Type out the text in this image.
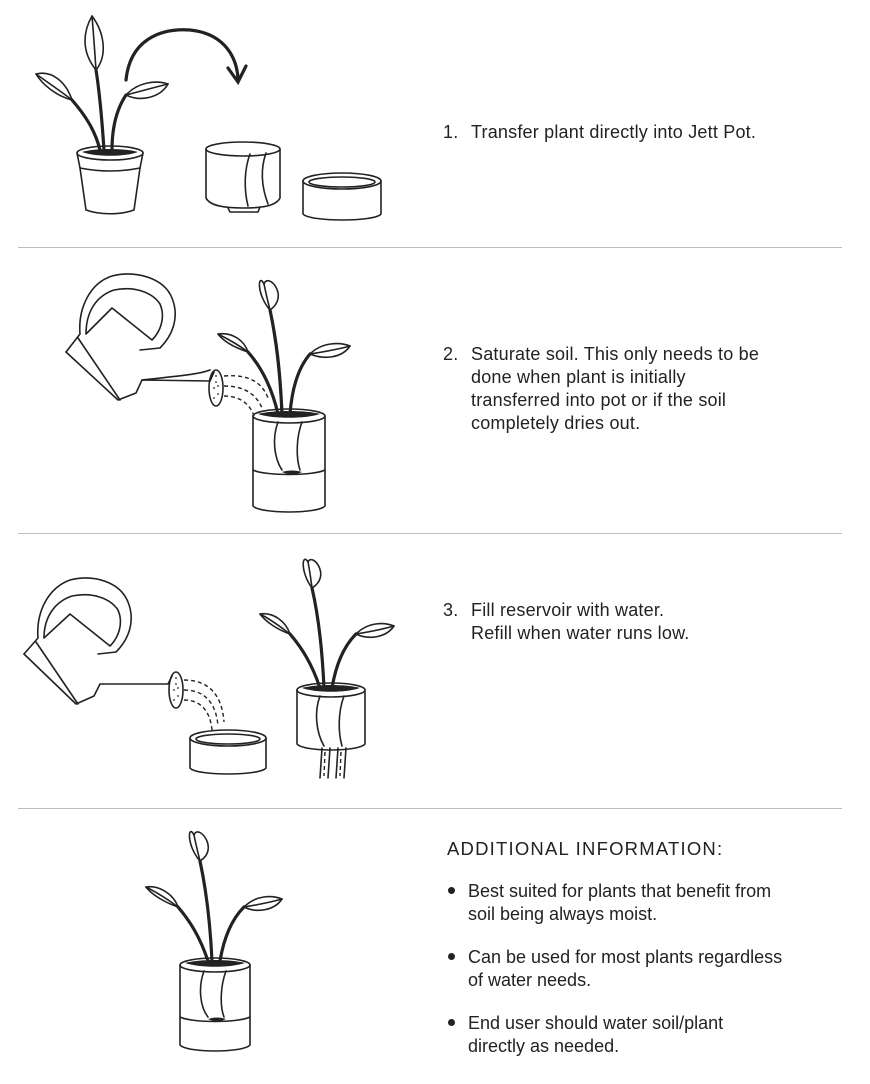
1. Transfer plant directly into Jett Pot.
2. Saturate soil. This only needs to be
done when plant is initially
transferred into pot or if the soil
completely dries out.
3. Fill reservoir with water.
Refill when water runs low.
ADDITIONAL INFORMATION:
Best suited for plants that benefit from
soil being always moist.
Can be used for most plants regardless
of water needs.
End user should water soil/plant
directly as needed.
